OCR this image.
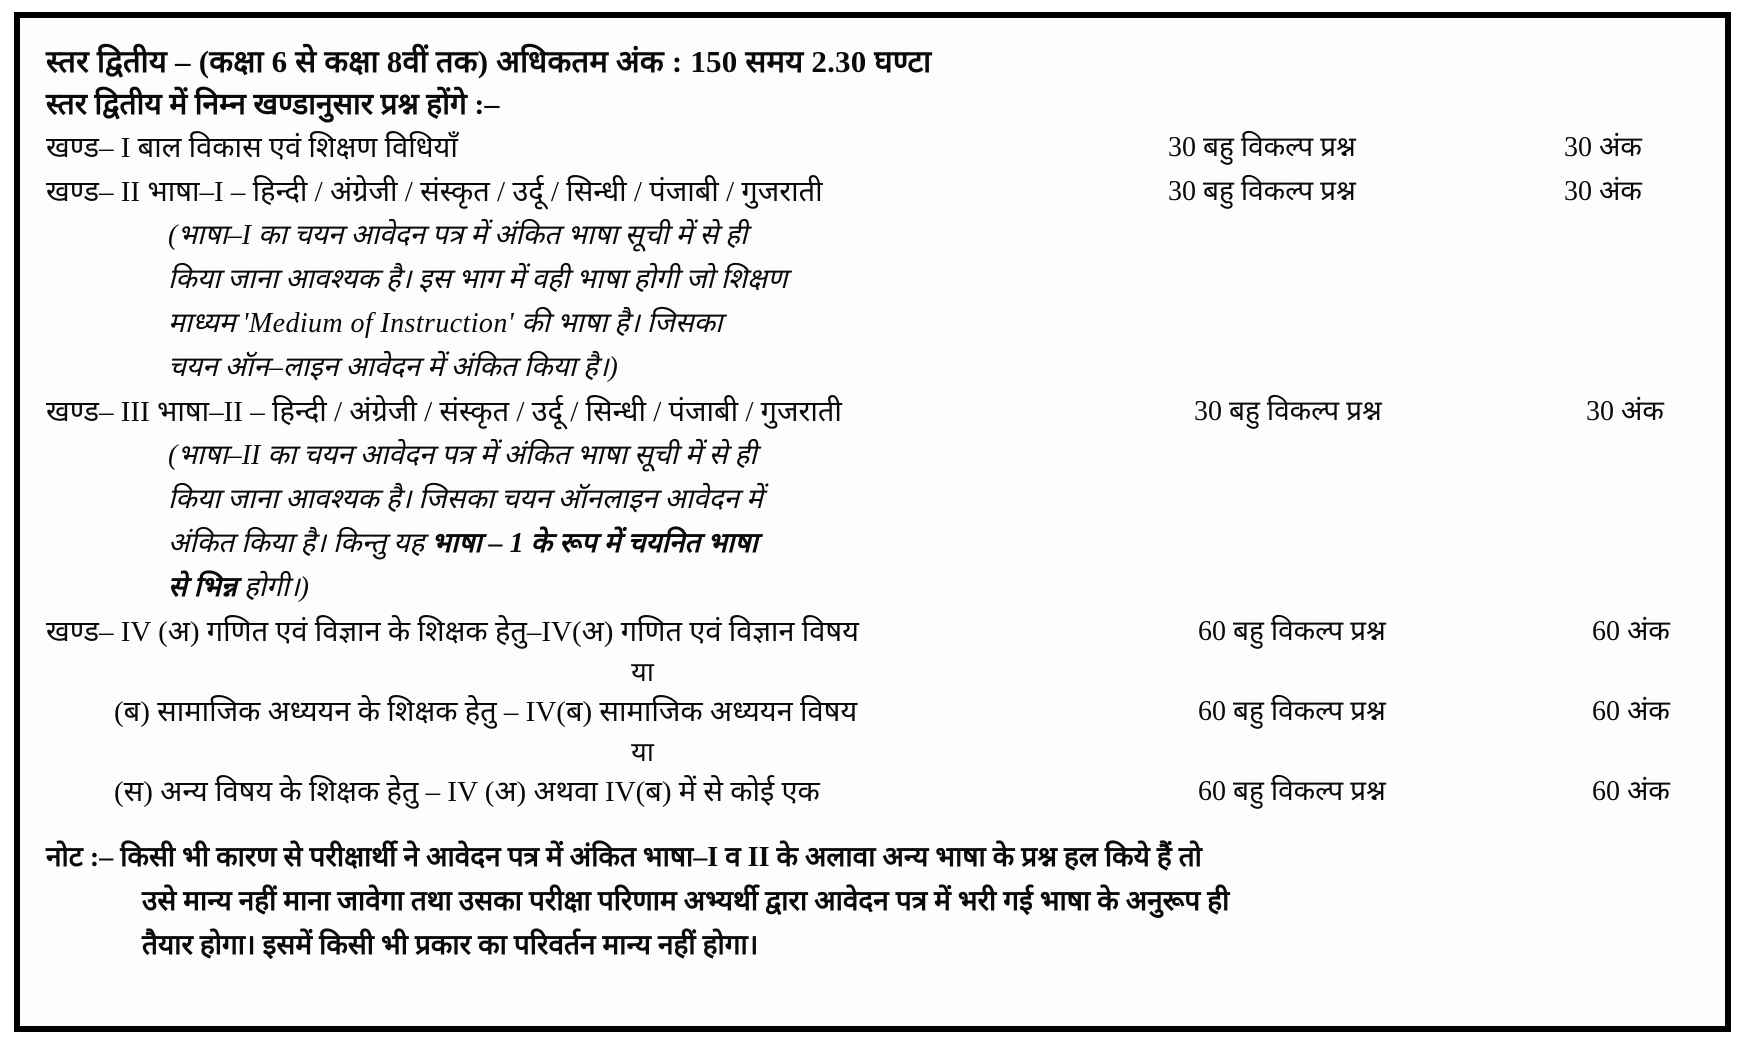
स्तर द्वितीय – (कक्षा 6 से कक्षा 8वीं तक) अधिकतम अंक : 150 समय 2.30 घण्टा
स्तर द्वितीय में निम्न खण्डानुसार प्रश्न होंगे :–
खण्ड– I बाल विकास एवं शिक्षण विधियाँ	30 बहु विकल्प प्रश्न	30 अंक
खण्ड– II भाषा–I – हिन्दी / अंग्रेजी / संस्कृत / उर्दू / सिन्धी / पंजाबी / गुजराती	30 बहु विकल्प प्रश्न	30 अंक
(भाषा–I का चयन आवेदन पत्र में अंकित भाषा सूची में से ही
किया जाना आवश्यक है। इस भाग में वही भाषा होगी जो शिक्षण
माध्यम 'Medium of Instruction' की भाषा है। जिसका
चयन ऑन–लाइन आवेदन में अंकित किया है।)
खण्ड– III भाषा–II – हिन्दी / अंग्रेजी / संस्कृत / उर्दू / सिन्धी / पंजाबी / गुजराती	30 बहु विकल्प प्रश्न	30 अंक
(भाषा–II का चयन आवेदन पत्र में अंकित भाषा सूची में से ही
किया जाना आवश्यक है। जिसका चयन ऑनलाइन आवेदन में
अंकित किया है। किन्तु यह भाषा – 1 के रूप में चयनित भाषा
से भिन्न होगी।)
खण्ड– IV (अ) गणित एवं विज्ञान के शिक्षक हेतु–IV(अ) गणित एवं विज्ञान विषय	60 बहु विकल्प प्रश्न	60 अंक
या
(ब) सामाजिक अध्ययन के शिक्षक हेतु – IV(ब) सामाजिक अध्ययन विषय	60 बहु विकल्प प्रश्न	60 अंक
या
(स) अन्य विषय के शिक्षक हेतु – IV (अ) अथवा IV(ब) में से कोई एक	60 बहु विकल्प प्रश्न	60 अंक
नोट :– किसी भी कारण से परीक्षार्थी ने आवेदन पत्र में अंकित भाषा–I व II के अलावा अन्य भाषा के प्रश्न हल किये हैं तो
उसे मान्य नहीं माना जावेगा तथा उसका परीक्षा परिणाम अभ्यर्थी द्वारा आवेदन पत्र में भरी गई भाषा के अनुरूप ही
तैयार होगा। इसमें किसी भी प्रकार का परिवर्तन मान्य नहीं होगा।
